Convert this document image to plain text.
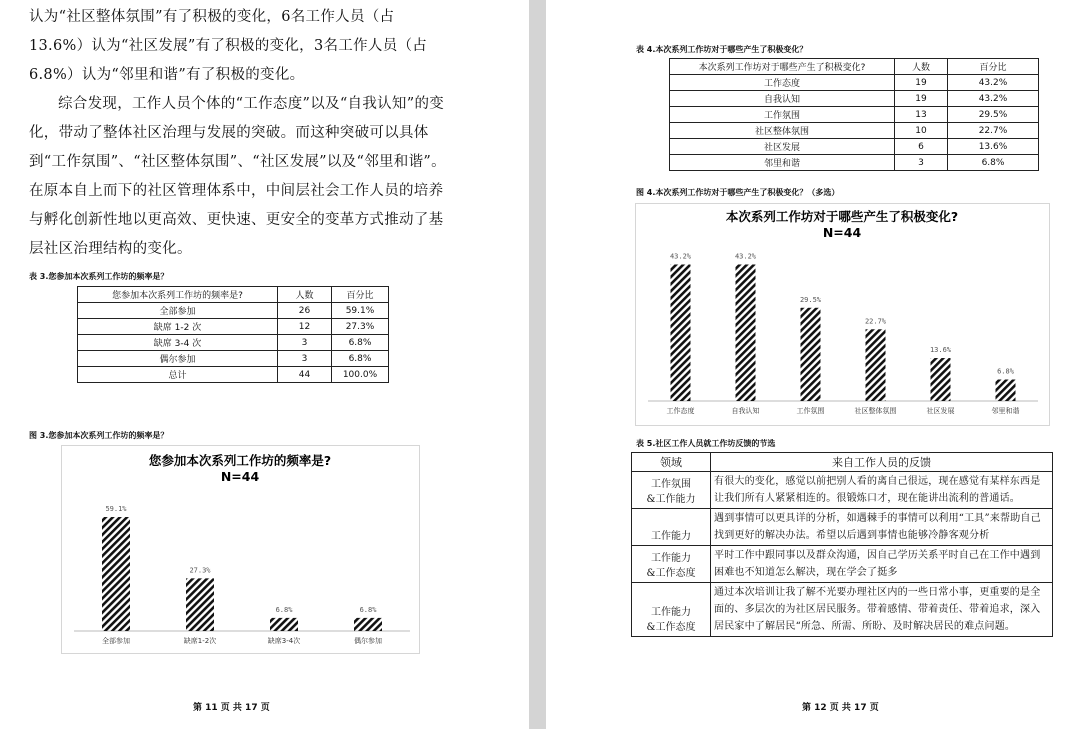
认为“社区整体氛围”有了积极的变化，6名工作人员（占13.6%）认为“社区发展”有了积极的变化，3名工作人员（占6.8%）认为“邻里和谐”有了积极的变化。

综合发现，工作人员个体的“工作态度”以及“自我认知”的变化，带动了整体社区治理与发展的突破。而这种突破可以具体到“工作氛围”、“社区整体氛围”、“社区发展”以及“邻里和谐”。在原本自上而下的社区管理体系中，中间层社会工作人员的培养与孵化创新性地以更高效、更快速、更安全的变革方式推动了基层社区治理结构的变化。

表 3.您参加本次系列工作坊的频率是？
您参加本次系列工作坊的频率是?	人数	百分比
全部参加	26	59.1%
缺席 1-2 次	12	27.3%
缺席 3-4 次	3	6.8%
偶尔参加	3	6.8%
总计	44	100.0%
图 3.您参加本次系列工作坊的频率是？
您参加本次系列工作坊的频率是?
N=44
59.1%
全部参加
27.3%
缺席1-2次
6.8%
缺席3-4次
6.8%
偶尔参加
第 11 页 共 17 页
表 4.本次系列工作坊对于哪些产生了积极变化？
本次系列工作坊对于哪些产生了积极变化?	人数	百分比
工作态度	19	43.2%
自我认知	19	43.2%
工作氛围	13	29.5%
社区整体氛围	10	22.7%
社区发展	6	13.6%
邻里和谐	3	6.8%
图 4.本次系列工作坊对于哪些产生了积极变化？（多选）
本次系列工作坊对于哪些产生了积极变化?
N=44
43.2%
工作态度
43.2%
自我认知
29.5%
工作氛围
22.7%
社区整体氛围
13.6%
社区发展
6.8%
邻里和谐
表 5.社区工作人员就工作坊反馈的节选
领域	来自工作人员的反馈

工作氛围
&工作能力	有很大的变化，感觉以前把别人看的离自己很远，现在感觉有某样东西是让我们所有人紧紧相连的。很锻炼口才，现在能讲出流利的普通话。

工作能力	遇到事情可以更具详的分析，如遇棘手的事情可以利用“工具”来帮助自己找到更好的解决办法。希望以后遇到事情也能够冷静客观分析

工作能力
&工作态度	平时工作中跟同事以及群众沟通，因自己学历关系平时自己在工作中遇到困难也不知道怎么解决，现在学会了挺多

工作能力
&工作态度	通过本次培训让我了解不光要办理社区内的一些日常小事，更重要的是全面的、多层次的为社区居民服务。带着感情、带着责任、带着追求，深入居民家中了解居民“所急、所需、所盼、及时解决居民的难点问题。
第 12 页 共 17 页
